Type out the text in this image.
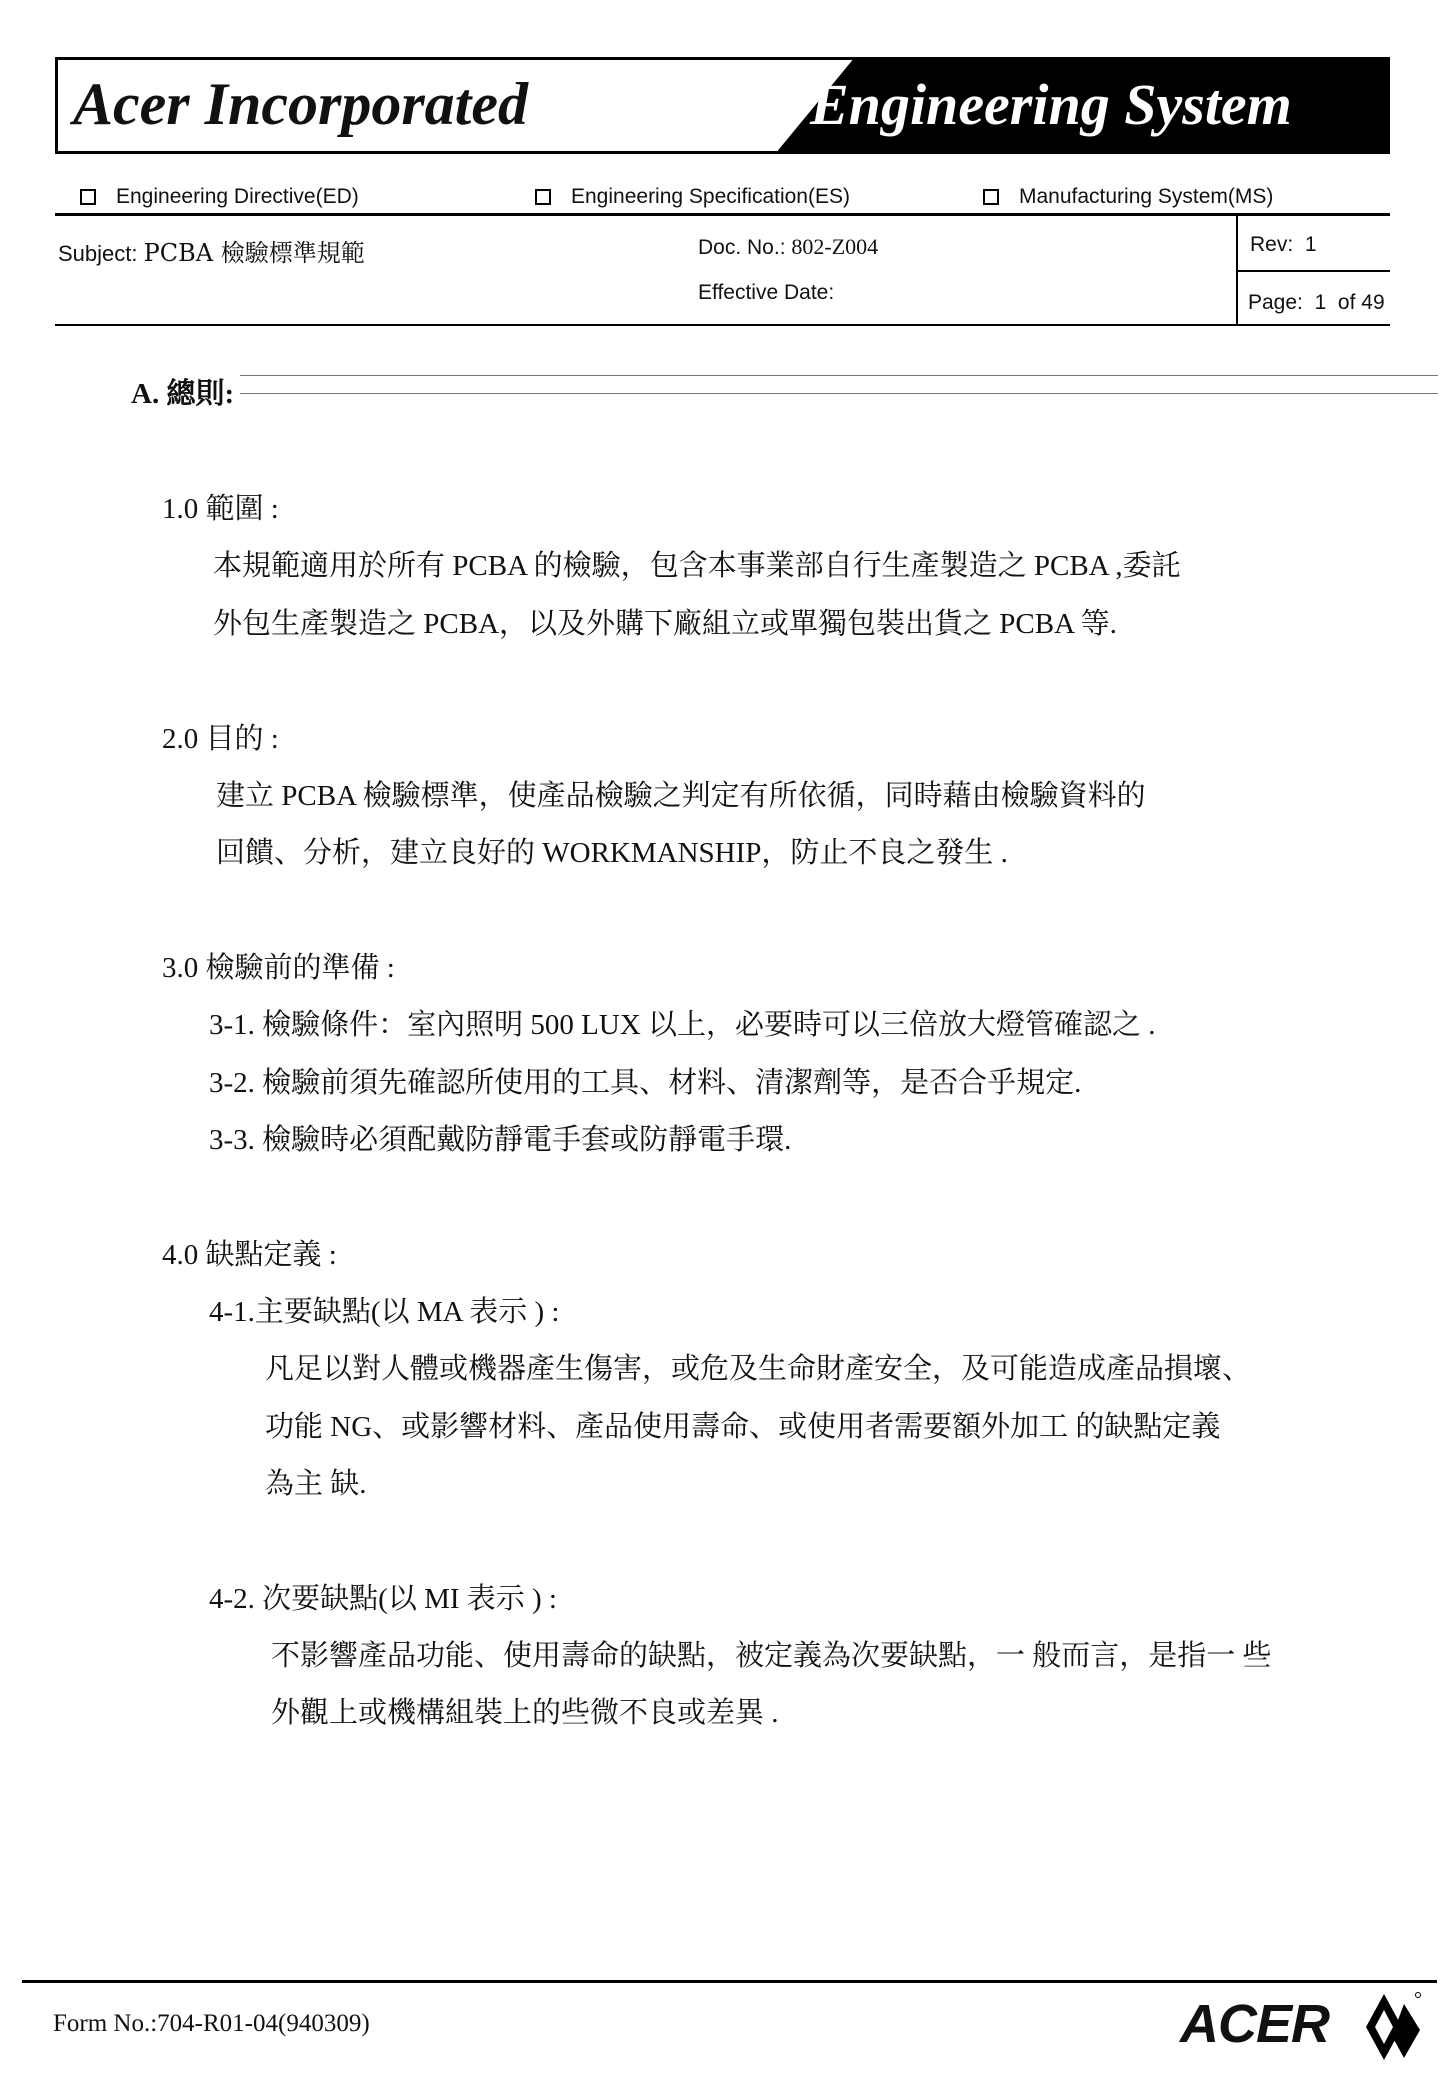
Acer Incorporated	Engineering System
Engineering Directive(ED)	Engineering Specification(ES)	Manufacturing System(MS)
Subject: PCBA 檢驗標準規範	Doc. No.: 802-Z004
Effective Date:
Rev: 1
Page: 1 of 49
A. 總則:
1.0 範圍 :
本規範適用於所有 PCBA 的檢驗，包含本事業部自行生產製造之 PCBA ,委託
外包生產製造之 PCBA，以及外購下廠組立或單獨包裝出貨之 PCBA 等.
2.0 目的 :
建立 PCBA 檢驗標準，使產品檢驗之判定有所依循，同時藉由檢驗資料的
回饋、分析，建立良好的 WORKMANSHIP，防止不良之發生 .
3.0 檢驗前的準備 :
3-1. 檢驗條件：室內照明 500 LUX 以上，必要時可以三倍放大燈管確認之 .
3-2. 檢驗前須先確認所使用的工具、材料、清潔劑等，是否合乎規定.
3-3. 檢驗時必須配戴防靜電手套或防靜電手環.
4.0 缺點定義 :
4-1.主要缺點(以 MA 表示 ) :
凡足以對人體或機器產生傷害，或危及生命財產安全，及可能造成產品損壞、
功能 NG、或影響材料、產品使用壽命、或使用者需要額外加工 的缺點定義
為主 缺.
4-2. 次要缺點(以 MI 表示 ) :
不影響產品功能、使用壽命的缺點，被定義為次要缺點，一 般而言，是指一 些
外觀上或機構組裝上的些微不良或差異 .
Form No.:704-R01-04(940309)	ACER
